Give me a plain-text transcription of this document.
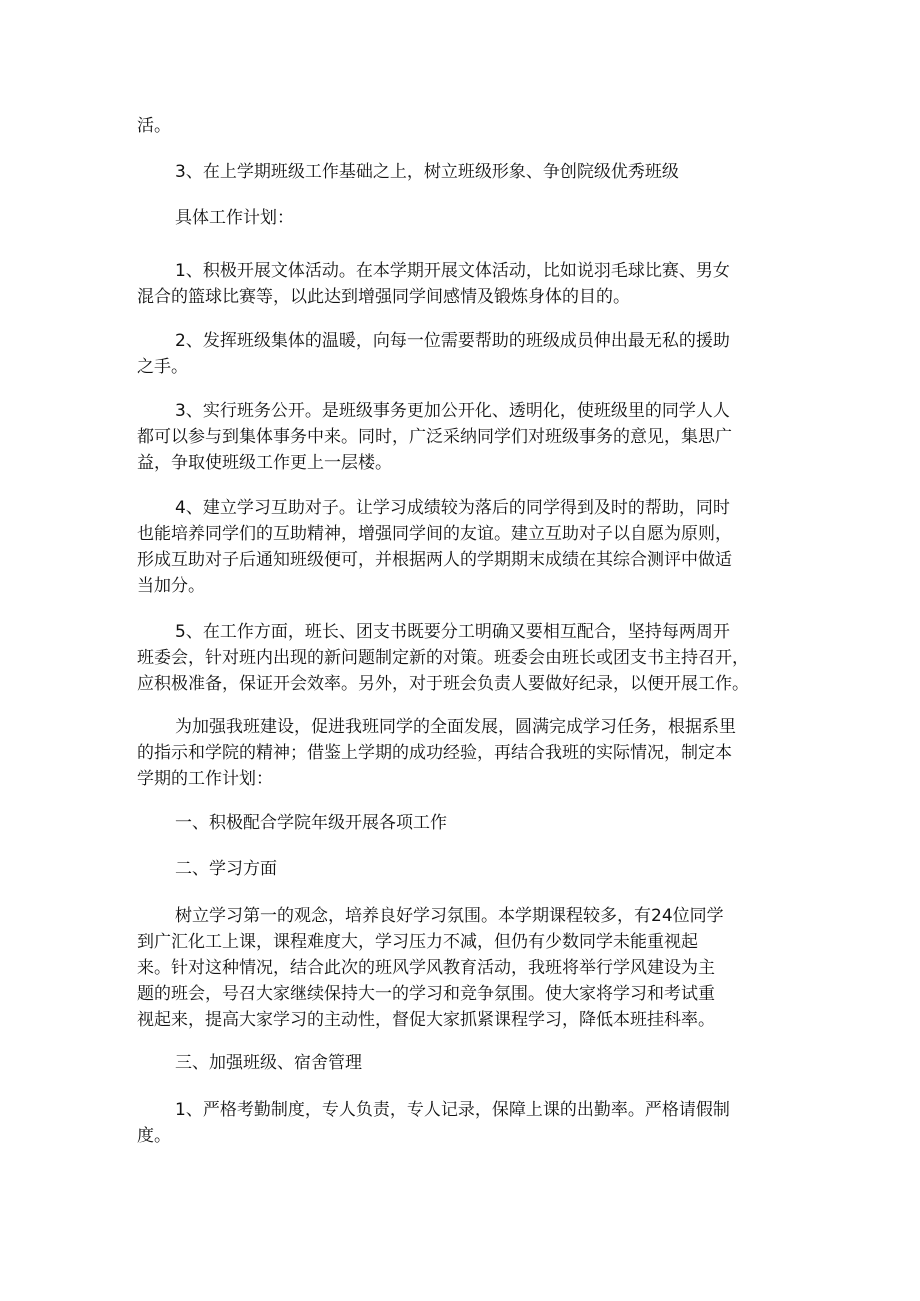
活。

3、在上学期班级工作基础之上，树立班级形象、争创院级优秀班级

具体工作计划：

1、积极开展文体活动。在本学期开展文体活动，比如说羽毛球比赛、男女
混合的篮球比赛等，以此达到增强同学间感情及锻炼身体的目的。

2、发挥班级集体的温暖，向每一位需要帮助的班级成员伸出最无私的援助
之手。

3、实行班务公开。是班级事务更加公开化、透明化，使班级里的同学人人
都可以参与到集体事务中来。同时，广泛采纳同学们对班级事务的意见，集思广
益，争取使班级工作更上一层楼。

4、建立学习互助对子。让学习成绩较为落后的同学得到及时的帮助，同时
也能培养同学们的互助精神，增强同学间的友谊。建立互助对子以自愿为原则，
形成互助对子后通知班级便可，并根据两人的学期期末成绩在其综合测评中做适
当加分。

5、在工作方面，班长、团支书既要分工明确又要相互配合，坚持每两周开
班委会，针对班内出现的新问题制定新的对策。班委会由班长或团支书主持召开，
应积极准备，保证开会效率。另外，对于班会负责人要做好纪录，以便开展工作。

为加强我班建设，促进我班同学的全面发展，圆满完成学习任务，根据系里
的指示和学院的精神；借鉴上学期的成功经验，再结合我班的实际情况，制定本
学期的工作计划：

一、积极配合学院年级开展各项工作

二、学习方面

树立学习第一的观念，培养良好学习氛围。本学期课程较多，有24位同学
到广汇化工上课，课程难度大，学习压力不减，但仍有少数同学未能重视起
来。针对这种情况，结合此次的班风学风教育活动，我班将举行学风建设为主
题的班会，号召大家继续保持大一的学习和竞争氛围。使大家将学习和考试重
视起来，提高大家学习的主动性，督促大家抓紧课程学习，降低本班挂科率。

三、加强班级、宿舍管理

1、严格考勤制度，专人负责，专人记录，保障上课的出勤率。严格请假制
度。
